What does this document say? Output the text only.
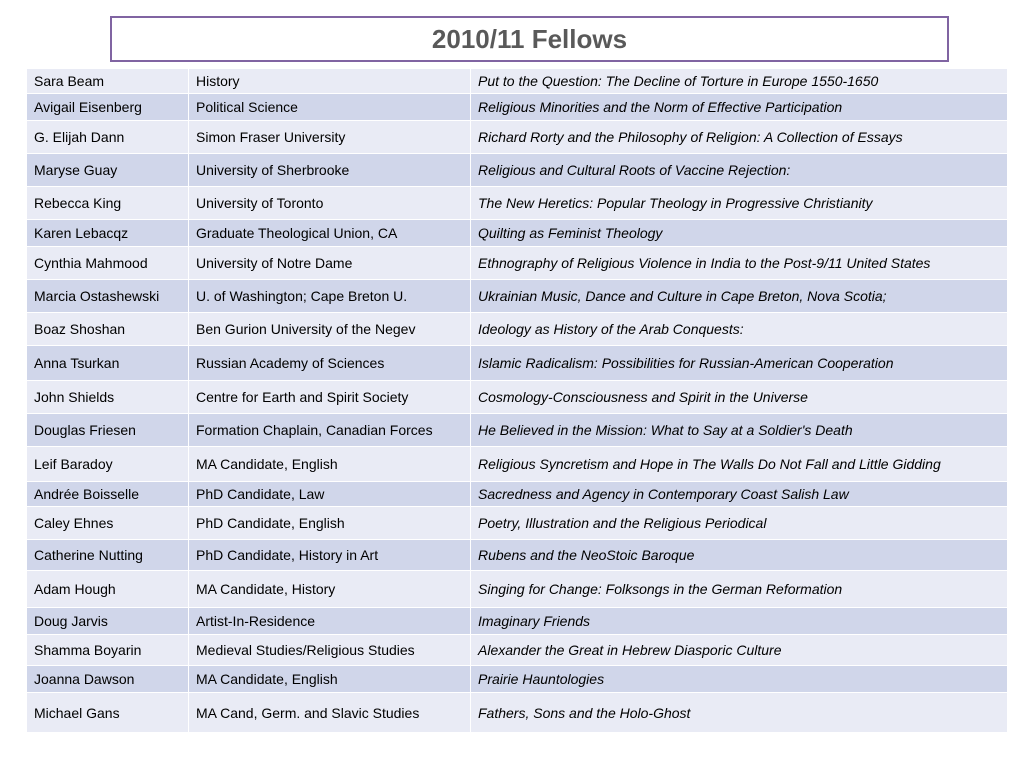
2010/11 Fellows
Sara Beam	History	Put to the Question: The Decline of Torture in Europe 1550-1650
Avigail Eisenberg	Political Science	Religious Minorities and the Norm of Effective Participation
G. Elijah Dann	Simon Fraser University	Richard Rorty and the Philosophy of Religion: A Collection of Essays
Maryse Guay	University of Sherbrooke	Religious and Cultural Roots of Vaccine Rejection:
Rebecca King	University of Toronto	The New Heretics: Popular Theology in Progressive Christianity
Karen Lebacqz	Graduate Theological Union, CA	Quilting as Feminist Theology
Cynthia Mahmood	University of Notre Dame	Ethnography of Religious Violence in India to the Post-9/11 United States
Marcia Ostashewski	U. of Washington; Cape Breton U.	Ukrainian Music, Dance and Culture in Cape Breton, Nova Scotia;
Boaz Shoshan	Ben Gurion University of the Negev	Ideology as History of the Arab Conquests:
Anna Tsurkan	Russian Academy of Sciences	Islamic Radicalism: Possibilities for Russian-American Cooperation
John Shields	Centre for Earth and Spirit Society	Cosmology-Consciousness and Spirit in the Universe
Douglas Friesen	Formation Chaplain, Canadian Forces	He Believed in the Mission: What to Say at a Soldier's Death
Leif Baradoy	MA Candidate, English	Religious Syncretism and Hope in The Walls Do Not Fall and Little Gidding
Andrée Boisselle	PhD Candidate, Law	Sacredness and Agency in Contemporary Coast Salish Law
Caley Ehnes	PhD Candidate, English	Poetry, Illustration and the Religious Periodical
Catherine Nutting	PhD Candidate, History in Art	Rubens and the NeoStoic Baroque
Adam Hough	MA Candidate, History	Singing for Change: Folksongs in the German Reformation
Doug Jarvis	Artist-In-Residence	Imaginary Friends
Shamma Boyarin	Medieval Studies/Religious Studies	Alexander the Great in Hebrew Diasporic Culture
Joanna Dawson	MA Candidate, English	Prairie Hauntologies
Michael Gans	MA Cand, Germ. and Slavic Studies	Fathers, Sons and the Holo-Ghost
